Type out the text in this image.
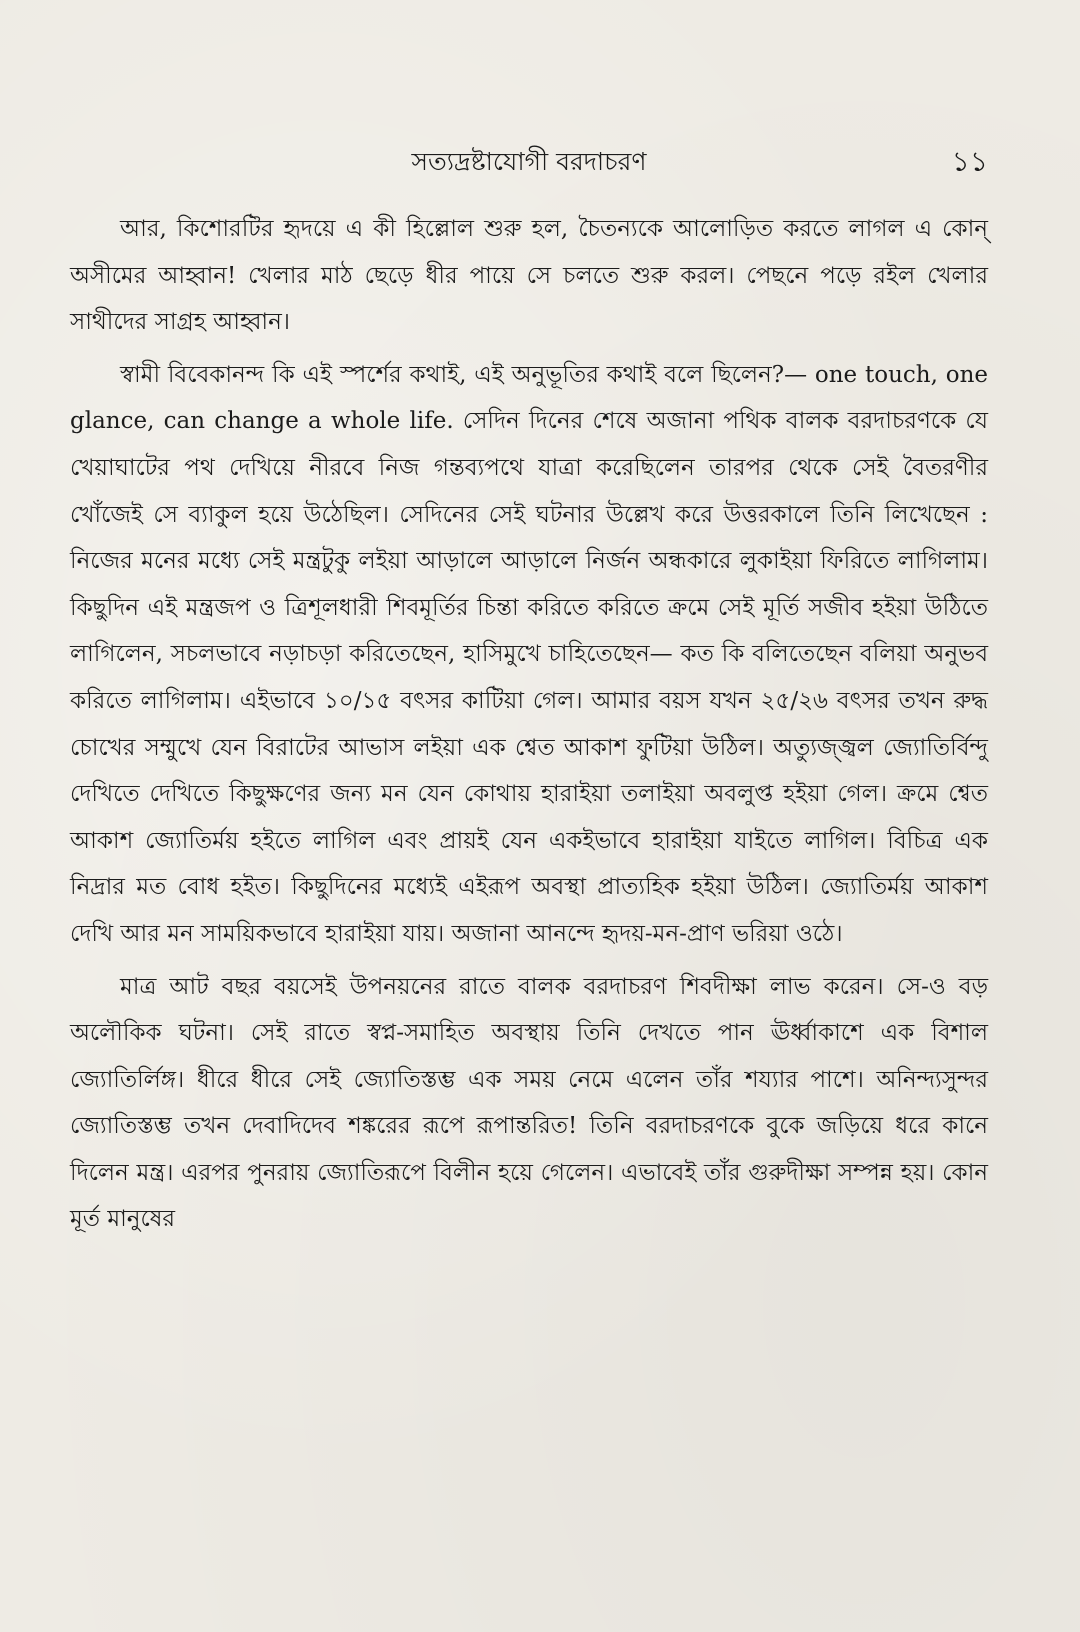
সত্যদ্রষ্টাযোগী বরদাচরণ	১১

আর, কিশোরটির হৃদয়ে এ কী হিল্লোল শুরু হল, চৈতন্যকে আলোড়িত করতে লাগল এ কোন্ অসীমের আহ্বান! খেলার মাঠ ছেড়ে ধীর পায়ে সে চলতে শুরু করল। পেছনে পড়ে রইল খেলার সাথীদের সাগ্রহ আহ্বান।

স্বামী বিবেকানন্দ কি এই স্পর্শের কথাই, এই অনুভূতির কথাই বলে ছিলেন?— one touch, one glance, can change a whole life. সেদিন দিনের শেষে অজানা পথিক বালক বরদাচরণকে যে খেয়াঘাটের পথ দেখিয়ে নীরবে নিজ গন্তব্যপথে যাত্রা করেছিলেন তারপর থেকে সেই বৈতরণীর খোঁজেই সে ব্যাকুল হয়ে উঠেছিল। সেদিনের সেই ঘটনার উল্লেখ করে উত্তরকালে তিনি লিখেছেন : নিজের মনের মধ্যে সেই মন্ত্রটুকু লইয়া আড়ালে আড়ালে নির্জন অন্ধকারে লুকাইয়া ফিরিতে লাগিলাম। কিছুদিন এই মন্ত্রজপ ও ত্রিশূলধারী শিবমূর্তির চিন্তা করিতে করিতে ক্রমে সেই মূর্তি সজীব হইয়া উঠিতে লাগিলেন, সচলভাবে নড়াচড়া করিতেছেন, হাসিমুখে চাহিতেছেন— কত কি বলিতেছেন বলিয়া অনুভব করিতে লাগিলাম। এইভাবে ১০/১৫ বৎসর কাটিয়া গেল। আমার বয়স যখন ২৫/২৬ বৎসর তখন রুদ্ধ চোখের সম্মুখে যেন বিরাটের আভাস লইয়া এক শ্বেত আকাশ ফুটিয়া উঠিল। অত্যুজ্জ্বল জ্যোতির্বিন্দু দেখিতে দেখিতে কিছুক্ষণের জন্য মন যেন কোথায় হারাইয়া তলাইয়া অবলুপ্ত হইয়া গেল। ক্রমে শ্বেত আকাশ জ্যোতির্ময় হইতে লাগিল এবং প্রায়ই যেন একইভাবে হারাইয়া যাইতে লাগিল। বিচিত্র এক নিদ্রার মত বোধ হইত। কিছুদিনের মধ্যেই এইরূপ অবস্থা প্রাত্যহিক হইয়া উঠিল। জ্যোতির্ময় আকাশ দেখি আর মন সাময়িকভাবে হারাইয়া যায়। অজানা আনন্দে হৃদয়-মন-প্রাণ ভরিয়া ওঠে।

মাত্র আট বছর বয়সেই উপনয়নের রাতে বালক বরদাচরণ শিবদীক্ষা লাভ করেন। সে-ও বড় অলৌকিক ঘটনা। সেই রাতে স্বপ্ন-সমাহিত অবস্থায় তিনি দেখতে পান ঊর্ধ্বাকাশে এক বিশাল জ্যোতির্লিঙ্গ। ধীরে ধীরে সেই জ্যোতিস্তম্ভ এক সময় নেমে এলেন তাঁর শয্যার পাশে। অনিন্দ্যসুন্দর জ্যোতিস্তম্ভ তখন দেবাদিদেব শঙ্করের রূপে রূপান্তরিত! তিনি বরদাচরণকে বুকে জড়িয়ে ধরে কানে দিলেন মন্ত্র। এরপর পুনরায় জ্যোতিরূপে বিলীন হয়ে গেলেন। এভাবেই তাঁর গুরুদীক্ষা সম্পন্ন হয়। কোন মূর্ত মানুষের
